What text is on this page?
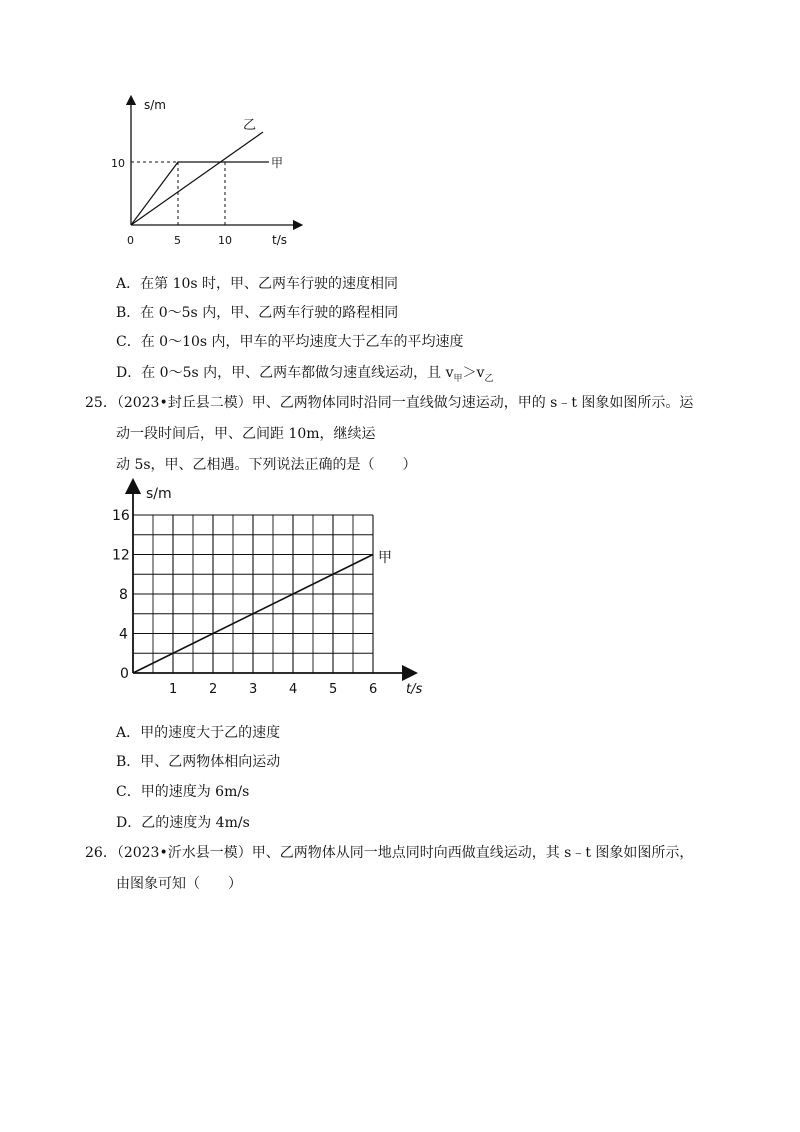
s/m
t/s
0
10
5	10
甲
乙
A．在第 10s 时，甲、乙两车行驶的速度相同
B．在 0～5s 内，甲、乙两车行驶的路程相同
C．在 0～10s 内，甲车的平均速度大于乙车的平均速度
D．在 0～5s 内，甲、乙两车都做匀速直线运动，且 $v_甲>v_乙$
25．（2023•封丘县二模）甲、乙两物体同时沿同一直线做匀速运动，甲的 s﹣t 图象如图所示。运
动一段时间后，甲、乙间距 10m，继续运
动 5s，甲、乙相遇。下列说法正确的是（　　）
1 2 3 4 5 6
4
8
12
16
s/m
t/s
0
甲
A．甲的速度大于乙的速度
B．甲、乙两物体相向运动
C．甲的速度为 6m/s
D．乙的速度为 4m/s
26．（2023•沂水县一模）甲、乙两物体从同一地点同时向西做直线运动，其 s﹣t 图象如图所示，
由图象可知（　　）
